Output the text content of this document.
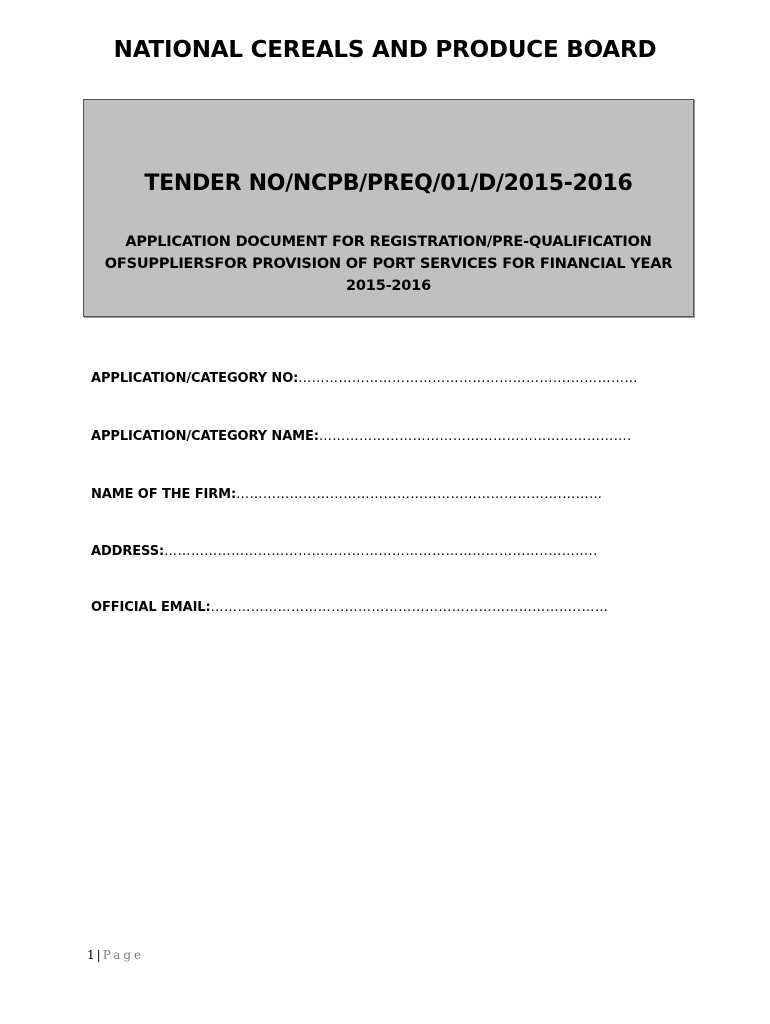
NATIONAL CEREALS AND PRODUCE BOARD
TENDER NO/NCPB/PREQ/01/D/2015-2016
APPLICATION DOCUMENT FOR REGISTRATION/PRE-QUALIFICATION
OFSUPPLIERSFOR PROVISION OF PORT SERVICES FOR FINANCIAL YEAR
2015-2016
APPLICATION/CATEGORY NO:…………………………………………………….……………
APPLICATION/CATEGORY NAME:…………………………………………………………….
NAME OF THE FIRM:……………………………………………………………….………
ADDRESS:…………………………………………………………………………..………..
OFFICIAL EMAIL:………………………………………………………………………..……
1 | Page
